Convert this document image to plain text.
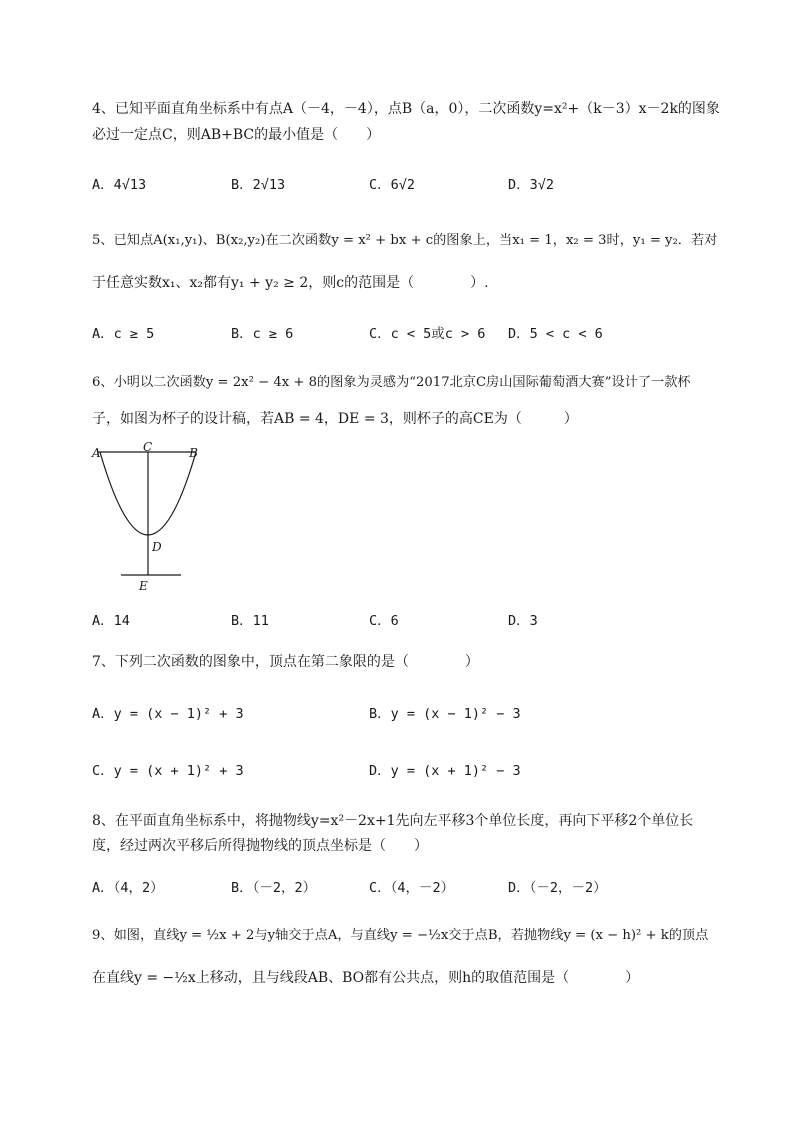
4、已知平面直角坐标系中有点A（－4，－4），点B（a，0），二次函数y=x²+（k－3）x－2k的图象
必过一定点C，则AB+BC的最小值是（　　）
A．4√13	B．2√13	C．6√2	D．3√2
5、已知点A(x₁,y₁)、B(x₂,y₂)在二次函数y = x² + bx + c的图象上，当x₁ = 1，x₂ = 3时，y₁ = y₂．若对
于任意实数x₁、x₂都有y₁ + y₂ ≥ 2，则c的范围是（　　　　）.
A．c ≥ 5	B．c ≥ 6	C．c < 5或c > 6 D．5 < c < 6
6、小明以二次函数y = 2x² − 4x + 8的图象为灵感为“2017北京C房山国际葡萄酒大赛”设计了一款杯
子，如图为杯子的设计稿，若AB = 4，DE = 3，则杯子的高CE为（　　　）
A	C	B
D
E
A．14	B．11	C．6	D．3
7、下列二次函数的图象中，顶点在第二象限的是（　　　　）
A．y = (x − 1)² + 3	B．y = (x − 1)² − 3
C．y = (x + 1)² + 3	D．y = (x + 1)² − 3
8、在平面直角坐标系中，将抛物线y=x²－2x+1先向左平移3个单位长度，再向下平移2个单位长
度，经过两次平移后所得抛物线的顶点坐标是（　　）
A．（4，2）	B．（－2，2）	C．（4，－2）	D．（－2，－2）
9、如图，直线y = ½x + 2与y轴交于点A，与直线y = −½x交于点B，若抛物线y = (x − h)² + k的顶点
在直线y = −½x上移动，且与线段AB、BO都有公共点，则h的取值范围是（　　　　）
